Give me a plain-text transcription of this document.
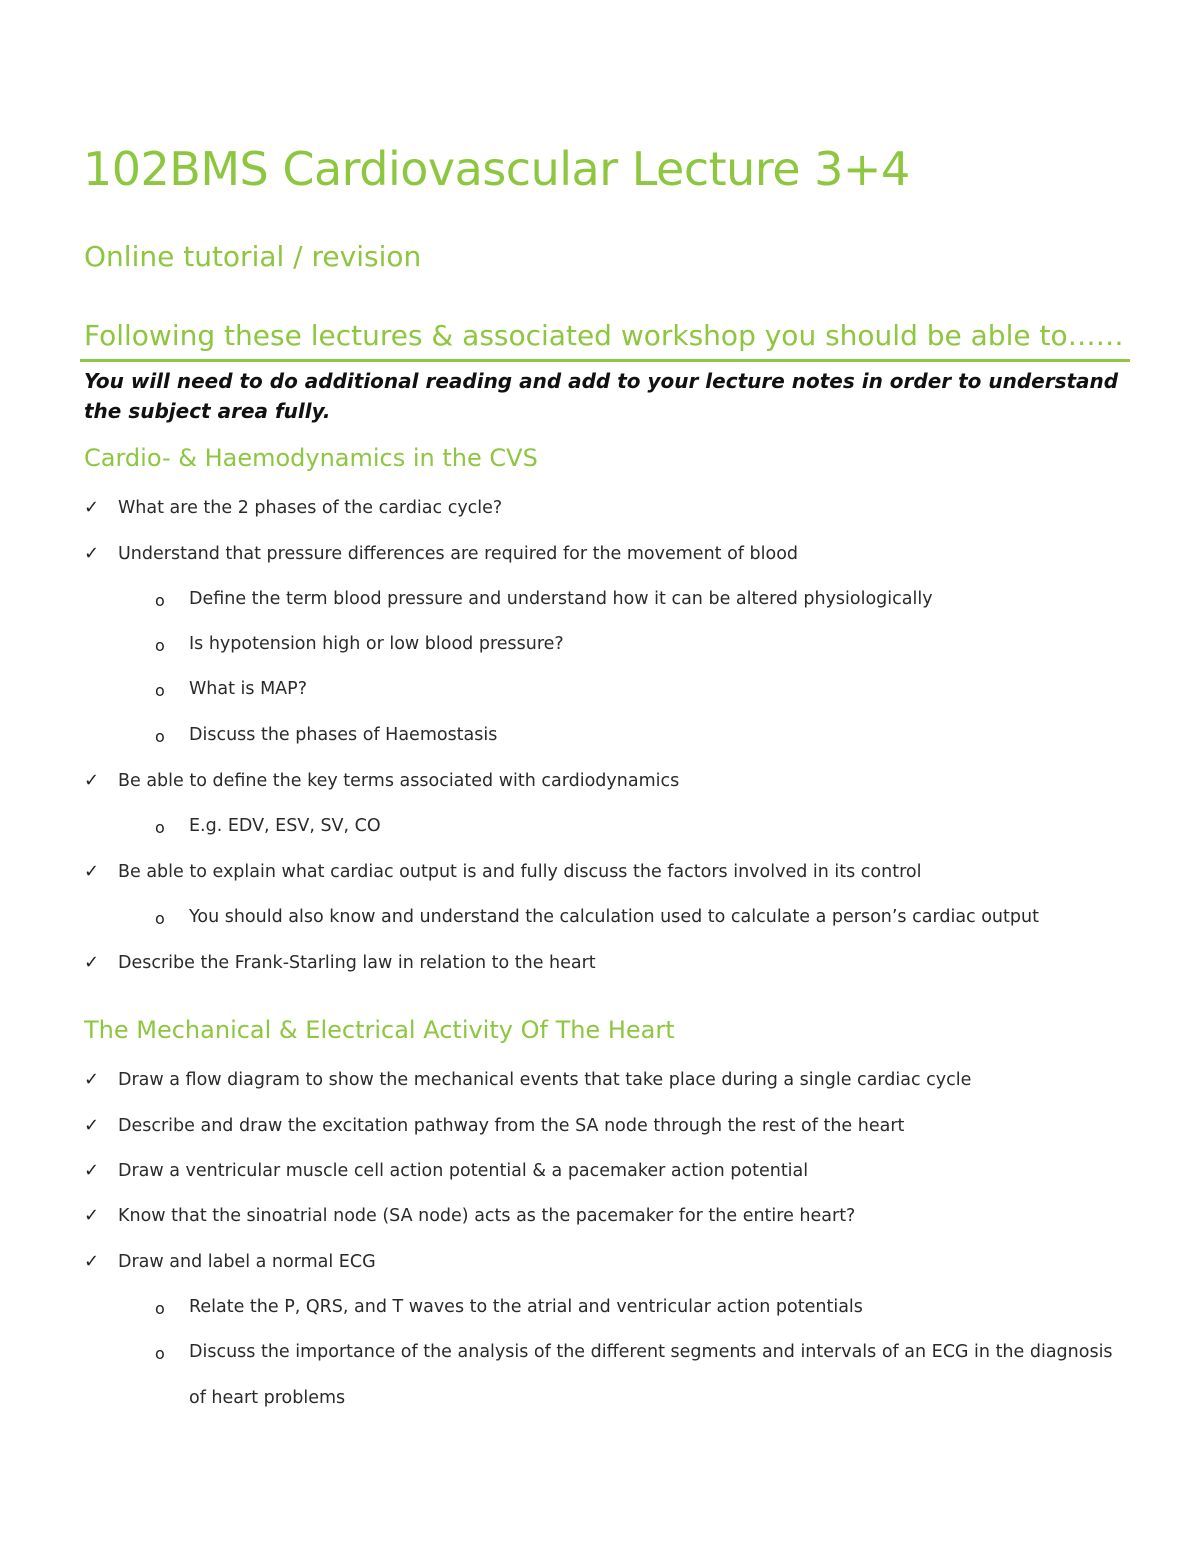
102BMS Cardiovascular Lecture 3+4
Online tutorial / revision
Following these lectures & associated workshop you should be able to……
You will need to do additional reading and add to your lecture notes in order to understand the subject area fully.
Cardio- & Haemodynamics in the CVS
✓ What are the 2 phases of the cardiac cycle?
✓ Understand that pressure differences are required for the movement of blood
o Define the term blood pressure and understand how it can be altered physiologically
o Is hypotension high or low blood pressure?
o What is MAP?
o Discuss the phases of Haemostasis
✓ Be able to define the key terms associated with cardiodynamics
o E.g. EDV, ESV, SV, CO
✓ Be able to explain what cardiac output is and fully discuss the factors involved in its control
o You should also know and understand the calculation used to calculate a person’s cardiac output
✓ Describe the Frank-Starling law in relation to the heart
The Mechanical & Electrical Activity Of The Heart
✓ Draw a flow diagram to show the mechanical events that take place during a single cardiac cycle
✓ Describe and draw the excitation pathway from the SA node through the rest of the heart
✓ Draw a ventricular muscle cell action potential & a pacemaker action potential
✓ Know that the sinoatrial node (SA node) acts as the pacemaker for the entire heart?
✓ Draw and label a normal ECG
o Relate the P, QRS, and T waves to the atrial and ventricular action potentials
o Discuss the importance of the analysis of the different segments and intervals of an ECG in the diagnosis
of heart problems
